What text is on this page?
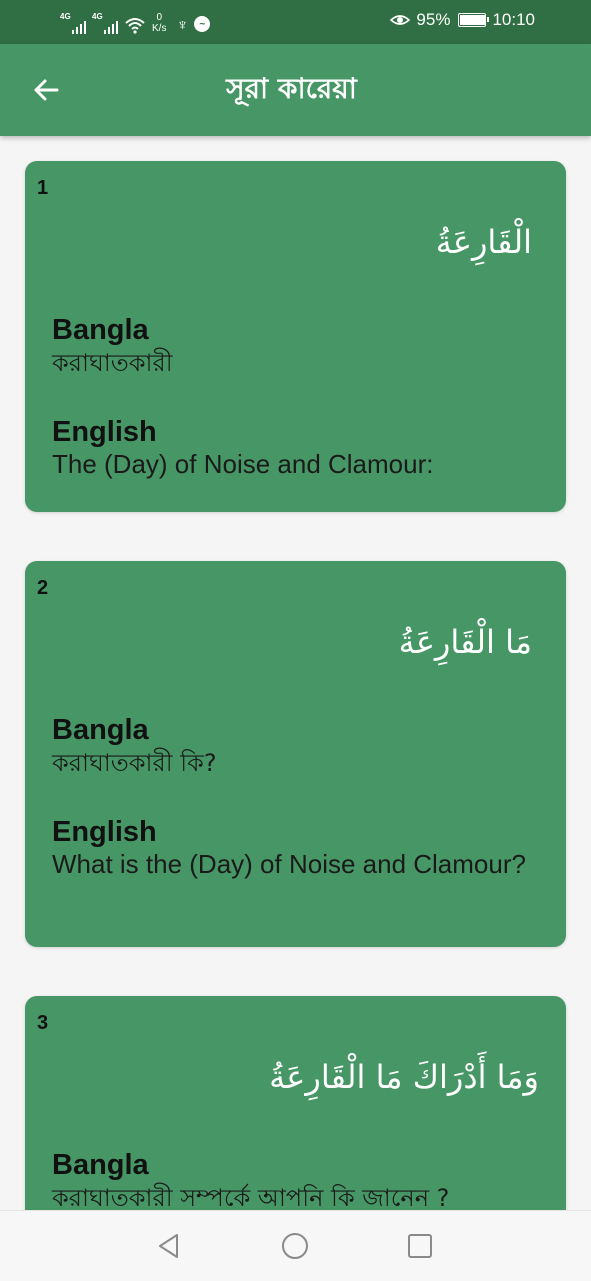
4G	4G	0
K/s ♆	~	95% 10:10
সূরা কারেয়া
1
الْقَارِعَةُ
Bangla
করাঘাতকারী
English
The (Day) of Noise and Clamour:
2
مَا الْقَارِعَةُ
Bangla
করাঘাতকারী কি?
English
What is the (Day) of Noise and Clamour?
3
وَمَا أَدْرَاكَ مَا الْقَارِعَةُ
Bangla
করাঘাতকারী সম্পর্কে আপনি কি জানেন ?
